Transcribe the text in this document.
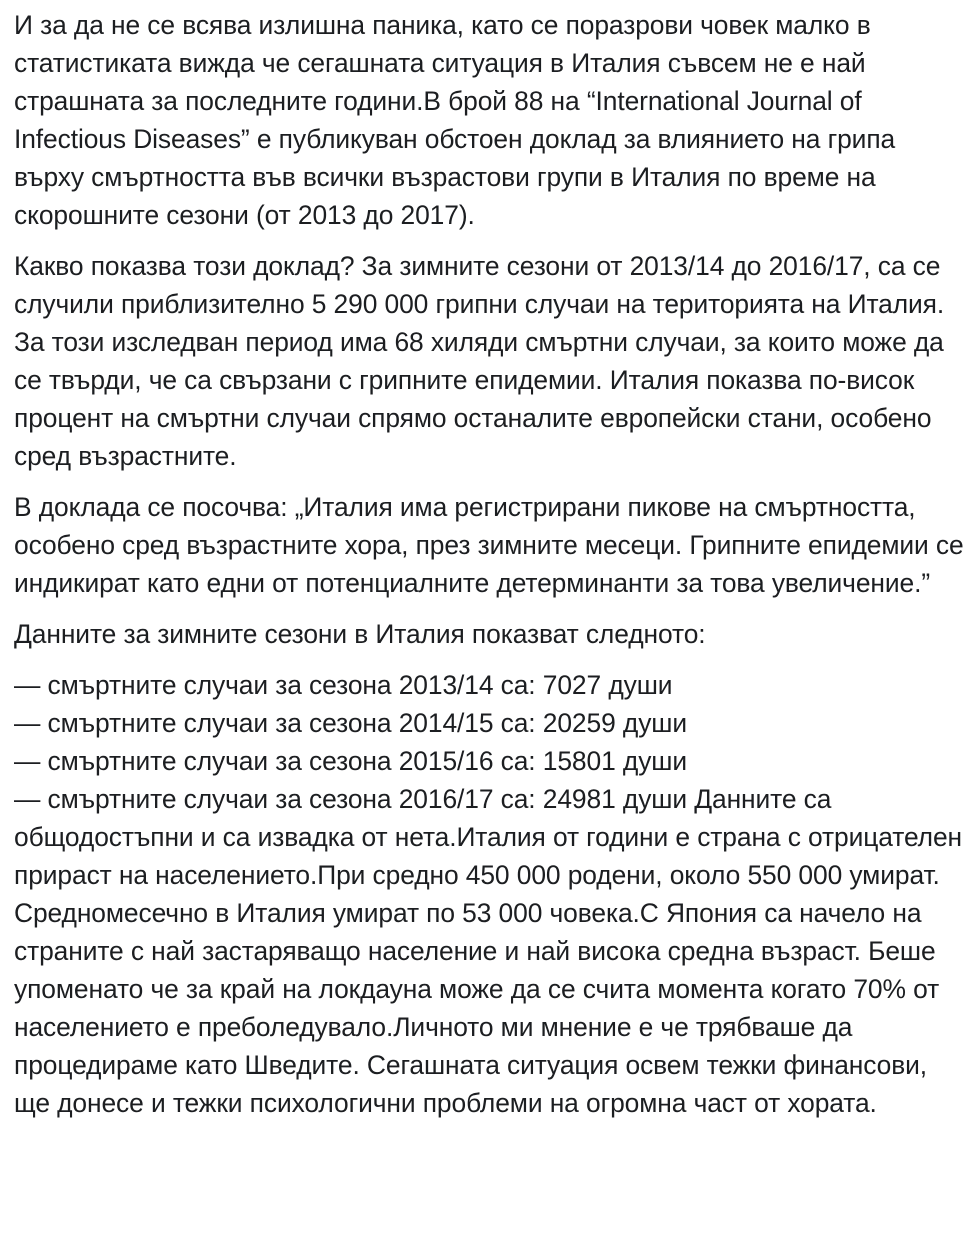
И за да не се всява излишна паника, като се поразрови човек малко в статистиката вижда че сегашната ситуация в Италия съвсем не е най страшната за последните години.В брой 88 на “International Journal of Infectious Diseases” е публикуван обстоен доклад за влиянието на грипа върху смъртността във всички възрастови групи в Италия по време на скорошните сезони (от 2013 до 2017).

Какво показва този доклад? За зимните сезони от 2013/14 до 2016/17, са се случили приблизително 5 290 000 грипни случаи на територията на Италия. За този изследван период има 68 хиляди смъртни случаи, за които може да се твърди, че са свързани с грипните епидемии. Италия показва по-висок процент на смъртни случаи спрямо останалите европейски стани, особено сред възрастните.

В доклада се посочва: „Италия има регистрирани пикове на смъртността, особено сред възрастните хора, през зимните месеци. Грипните епидемии се индикират като едни от потенциалните детерминанти за това увеличение.”

Данните за зимните сезони в Италия показват следното:

— смъртните случаи за сезона 2013/14 са: 7027 души
— смъртните случаи за сезона 2014/15 са: 20259 души
— смъртните случаи за сезона 2015/16 са: 15801 души
— смъртните случаи за сезона 2016/17 са: 24981 души Данните са общодостъпни и са извадка от нета.Италия от години е страна с отрицателен прираст на населението.При средно 450 000 родени, около 550 000 умират. Средномесечно в Италия умират по 53 000 човека.С Япония са начело на страните с най застаряващо население и най висока средна възраст. Беше упоменато че за край на локдауна може да се счита момента когато 70% от населението е преболедувало.Личното ми мнение е че трябваше да процедираме като Шведите. Сегашната ситуация освем тежки финансови, ще донесе и тежки психологични проблеми на огромна част от хората.
